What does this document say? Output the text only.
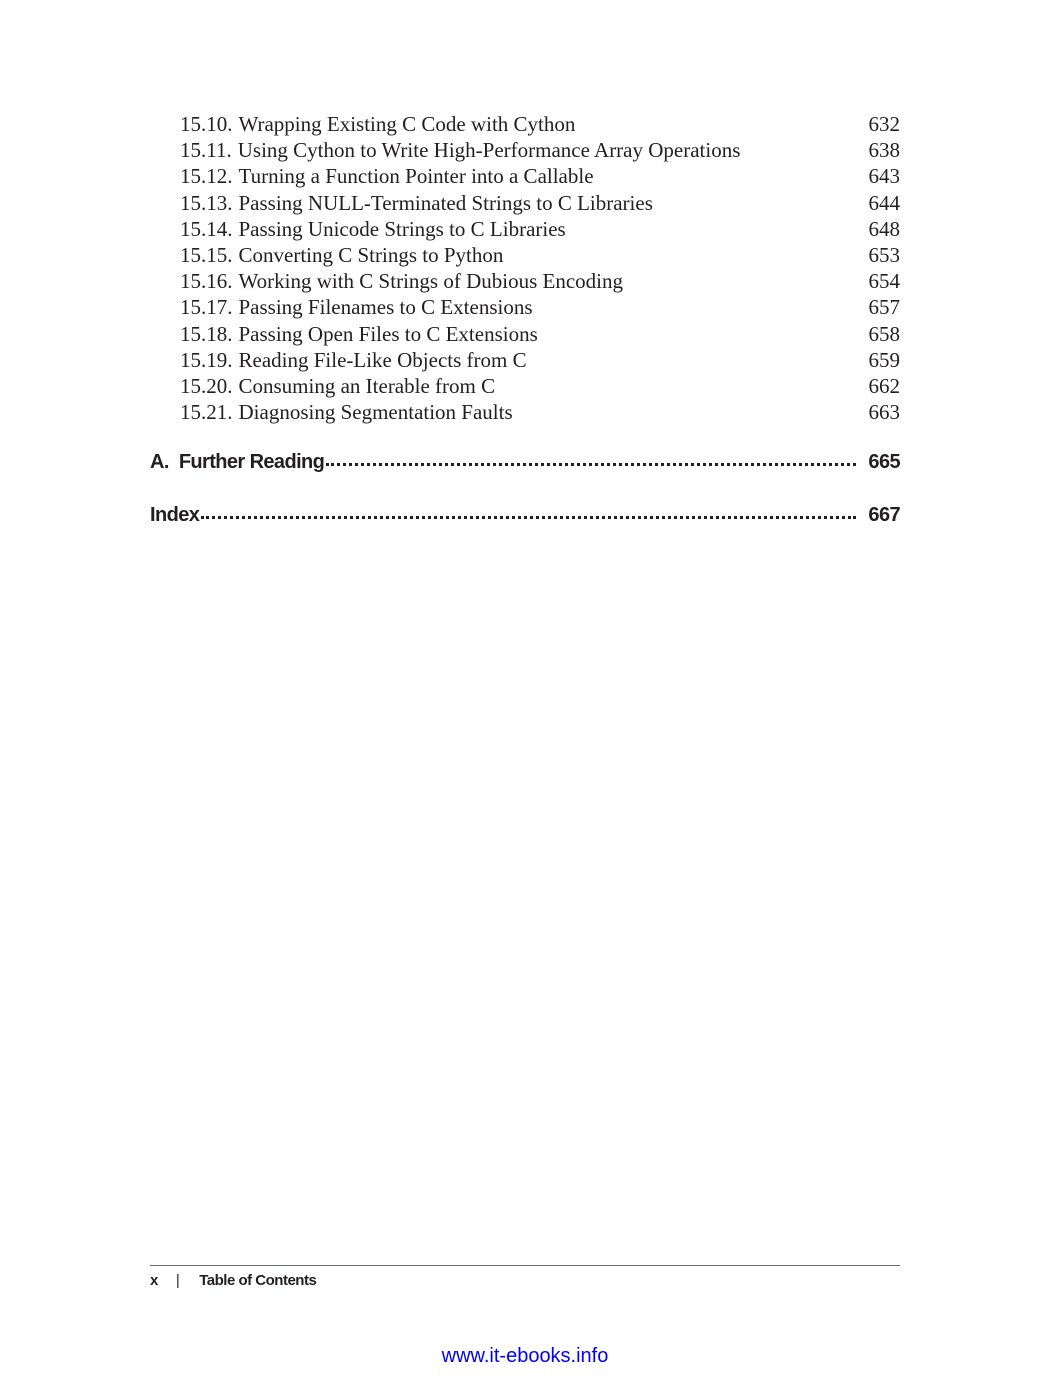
15.10. Wrapping Existing C Code with Cython	632
15.11. Using Cython to Write High-Performance Array Operations	638
15.12. Turning a Function Pointer into a Callable	643
15.13. Passing NULL-Terminated Strings to C Libraries	644
15.14. Passing Unicode Strings to C Libraries	648
15.15. Converting C Strings to Python	653
15.16. Working with C Strings of Dubious Encoding	654
15.17. Passing Filenames to C Extensions	657
15.18. Passing Open Files to C Extensions	658
15.19. Reading File-Like Objects from C	659
15.20. Consuming an Iterable from C	662
15.21. Diagnosing Segmentation Faults	663
A. Further Reading	665
Index	667
x | Table of Contents
www.it-ebooks.info
